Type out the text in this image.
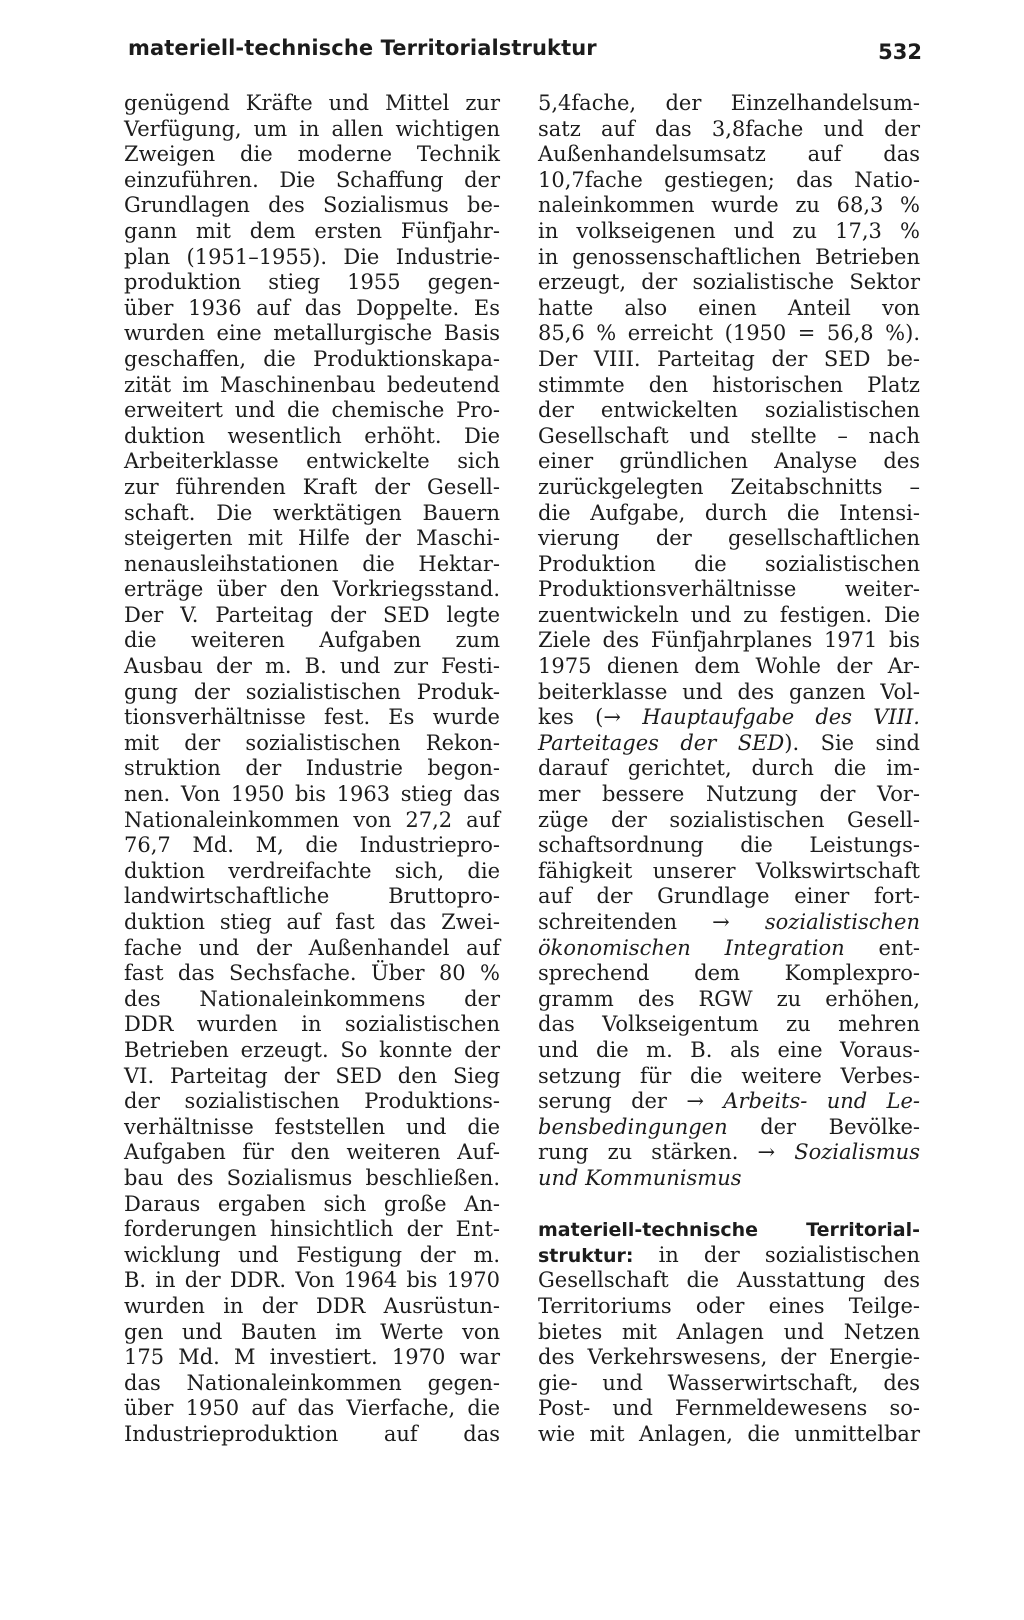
materiell-technische Territorialstruktur	532
genügend Kräfte und Mittel zur
Verfügung, um in allen wichtigen
Zweigen die moderne Technik
einzuführen. Die Schaffung der
Grundlagen des Sozialismus be-
gann mit dem ersten Fünfjahr-
plan (1951–1955). Die Industrie-
produktion stieg 1955 gegen-
über 1936 auf das Doppelte. Es
wurden eine metallurgische Basis
geschaffen, die Produktionskapa-
zität im Maschinenbau bedeutend
erweitert und die chemische Pro-
duktion wesentlich erhöht. Die
Arbeiterklasse entwickelte sich
zur führenden Kraft der Gesell-
schaft. Die werktätigen Bauern
steigerten mit Hilfe der Maschi-
nenausleihstationen die Hektar-
erträge über den Vorkriegsstand.
Der V. Parteitag der SED legte
die weiteren Aufgaben zum
Ausbau der m. B. und zur Festi-
gung der sozialistischen Produk-
tionsverhältnisse fest. Es wurde
mit der sozialistischen Rekon-
struktion der Industrie begon-
nen. Von 1950 bis 1963 stieg das
Nationaleinkommen von 27,2 auf
76,7 Md. M, die Industriepro-
duktion verdreifachte sich, die
landwirtschaftliche Bruttopro-
duktion stieg auf fast das Zwei-
fache und der Außenhandel auf
fast das Sechsfache. Über 80 %
des Nationaleinkommens der
DDR wurden in sozialistischen
Betrieben erzeugt. So konnte der
VI. Parteitag der SED den Sieg
der sozialistischen Produktions-
verhältnisse feststellen und die
Aufgaben für den weiteren Auf-
bau des Sozialismus beschließen.
Daraus ergaben sich große An-
forderungen hinsichtlich der Ent-
wicklung und Festigung der m.
B. in der DDR. Von 1964 bis 1970
wurden in der DDR Ausrüstun-
gen und Bauten im Werte von
175 Md. M investiert. 1970 war
das Nationaleinkommen gegen-
über 1950 auf das Vierfache, die
Industrieproduktion auf das
5,4fache, der Einzelhandelsum-
satz auf das 3,8fache und der
Außenhandelsumsatz auf das
10,7fache gestiegen; das Natio-
naleinkommen wurde zu 68,3 %
in volkseigenen und zu 17,3 %
in genossenschaftlichen Betrieben
erzeugt, der sozialistische Sektor
hatte also einen Anteil von
85,6 % erreicht (1950 = 56,8 %).
Der VIII. Parteitag der SED be-
stimmte den historischen Platz
der entwickelten sozialistischen
Gesellschaft und stellte – nach
einer gründlichen Analyse des
zurückgelegten Zeitabschnitts –
die Aufgabe, durch die Intensi-
vierung der gesellschaftlichen
Produktion die sozialistischen
Produktionsverhältnisse weiter-
zuentwickeln und zu festigen. Die
Ziele des Fünfjahrplanes 1971 bis
1975 dienen dem Wohle der Ar-
beiterklasse und des ganzen Vol-
kes (→ Hauptaufgabe des VIII.
Parteitages der SED). Sie sind
darauf gerichtet, durch die im-
mer bessere Nutzung der Vor-
züge der sozialistischen Gesell-
schaftsordnung die Leistungs-
fähigkeit unserer Volkswirtschaft
auf der Grundlage einer fort-
schreitenden → sozialistischen
ökonomischen Integration ent-
sprechend dem Komplexpro-
gramm des RGW zu erhöhen,
das Volkseigentum zu mehren
und die m. B. als eine Voraus-
setzung für die weitere Verbes-
serung der → Arbeits- und Le-
bensbedingungen der Bevölke-
rung zu stärken. → Sozialismus
und Kommunismus
materiell-technische	Territorial-
struktur: in der sozialistischen
Gesellschaft die Ausstattung des
Territoriums oder eines Teilge-
bietes mit Anlagen und Netzen
des Verkehrswesens, der Energie-
gie- und Wasserwirtschaft, des
Post- und Fernmeldewesens so-
wie mit Anlagen, die unmittelbar
